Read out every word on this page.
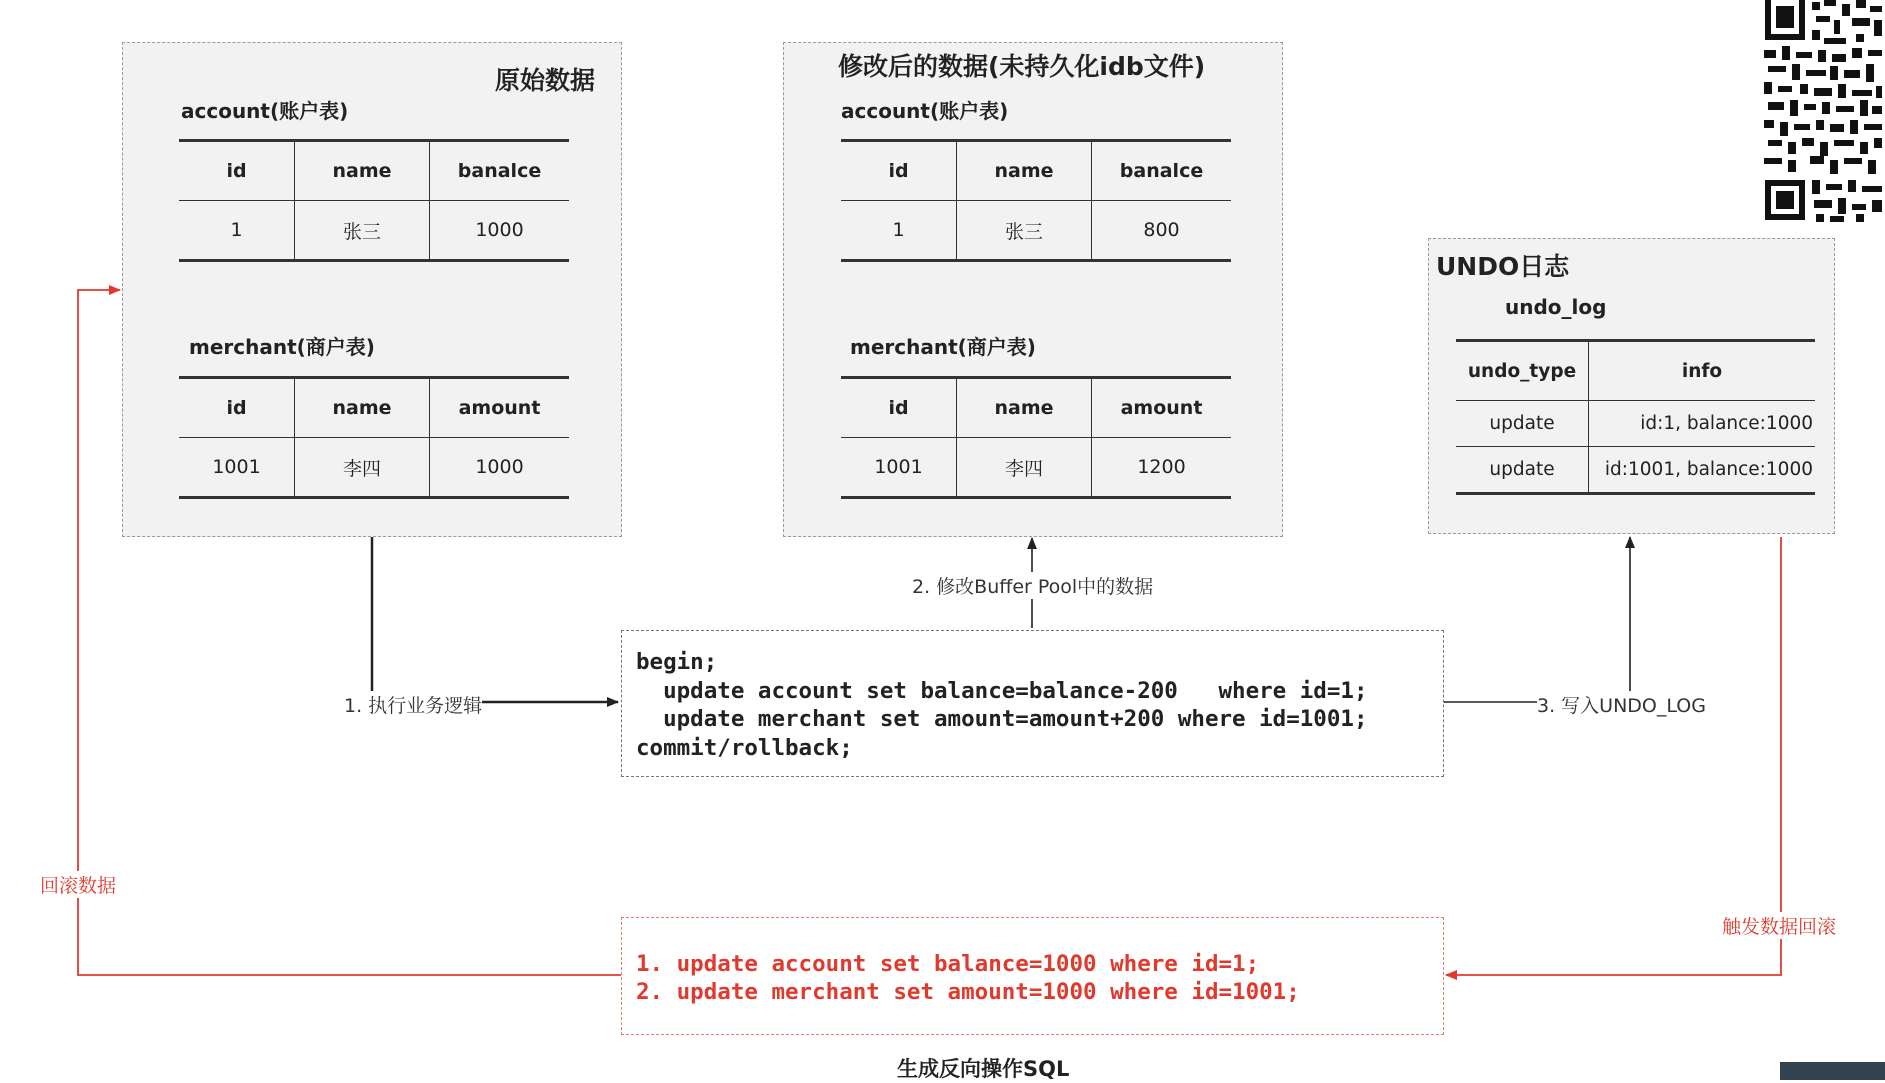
原始数据
account(账户表)
id	name	banalce
1	张三	1000
merchant(商户表)
id	name	amount
1001	李四	1000
修改后的数据(未持久化idb文件)
account(账户表)
id	name	banalce
1	张三	800
merchant(商户表)
id	name	amount
1001	李四	1200
UNDO日志
undo_log
undo_type	info
update	id:1, balance:1000
update	id:1001, balance:1000
begin;
update account set balance=balance-200   where id=1;
update merchant set amount=amount+200 where id=1001;
commit/rollback;
1. update account set balance=1000 where id=1;
2. update merchant set amount=1000 where id=1001;
1. 执行业务逻辑
2. 修改Buffer Pool中的数据
3. 写入UNDO_LOG
回滚数据
触发数据回滚
生成反向操作SQL
